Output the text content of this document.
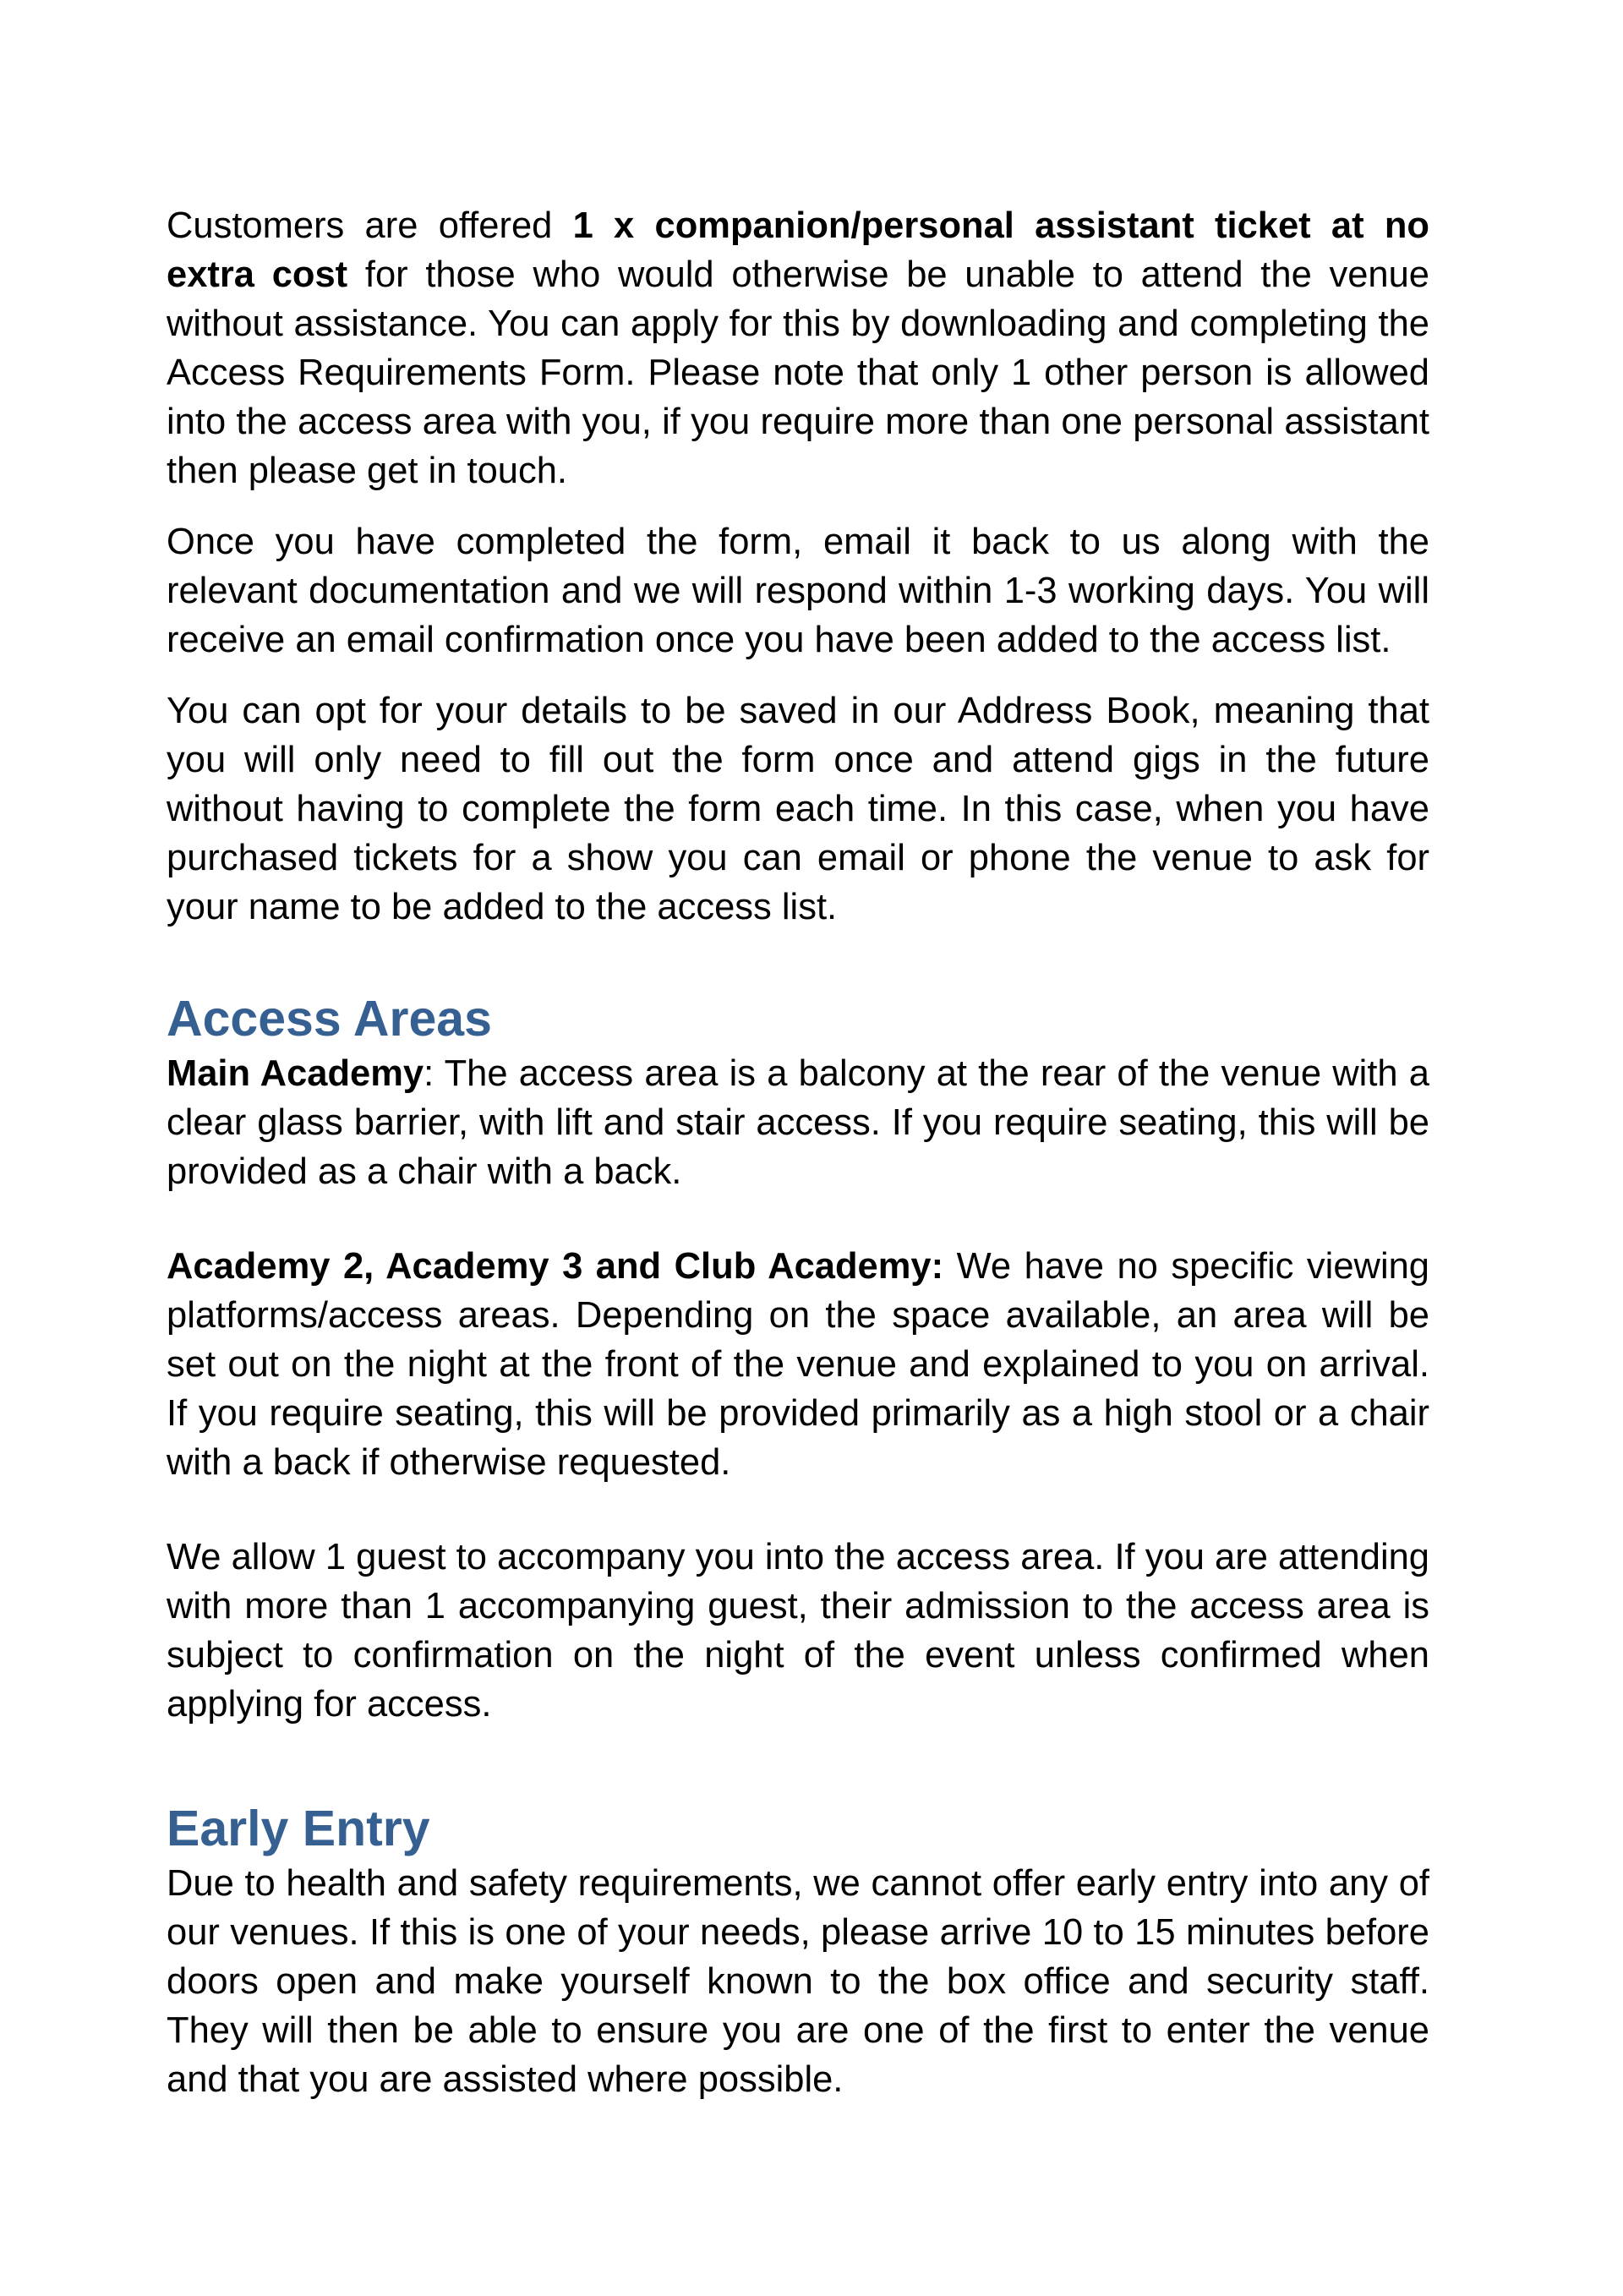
Customers are offered 1 x companion/personal assistant ticket at no extra cost for those who would otherwise be unable to attend the venue without assistance. You can apply for this by downloading and completing the Access Requirements Form. Please note that only 1 other person is allowed into the access area with you, if you require more than one personal assistant then please get in touch.

Once you have completed the form, email it back to us along with the relevant documentation and we will respond within 1-3 working days. You will receive an email confirmation once you have been added to the access list.

You can opt for your details to be saved in our Address Book, meaning that you will only need to fill out the form once and attend gigs in the future without having to complete the form each time. In this case, when you have purchased tickets for a show you can email or phone the venue to ask for your name to be added to the access list.

Access Areas

Main Academy: The access area is a balcony at the rear of the venue with a clear glass barrier, with lift and stair access. If you require seating, this will be provided as a chair with a back.

Academy 2, Academy 3 and Club Academy: We have no specific viewing platforms/access areas. Depending on the space available, an area will be set out on the night at the front of the venue and explained to you on arrival. If you require seating, this will be provided primarily as a high stool or a chair with a back if otherwise requested.

We allow 1 guest to accompany you into the access area. If you are attending with more than 1 accompanying guest, their admission to the access area is subject to confirmation on the night of the event unless confirmed when applying for access.

Early Entry

Due to health and safety requirements, we cannot offer early entry into any of our venues. If this is one of your needs, please arrive 10 to 15 minutes before doors open and make yourself known to the box office and security staff. They will then be able to ensure you are one of the first to enter the venue and that you are assisted where possible.
